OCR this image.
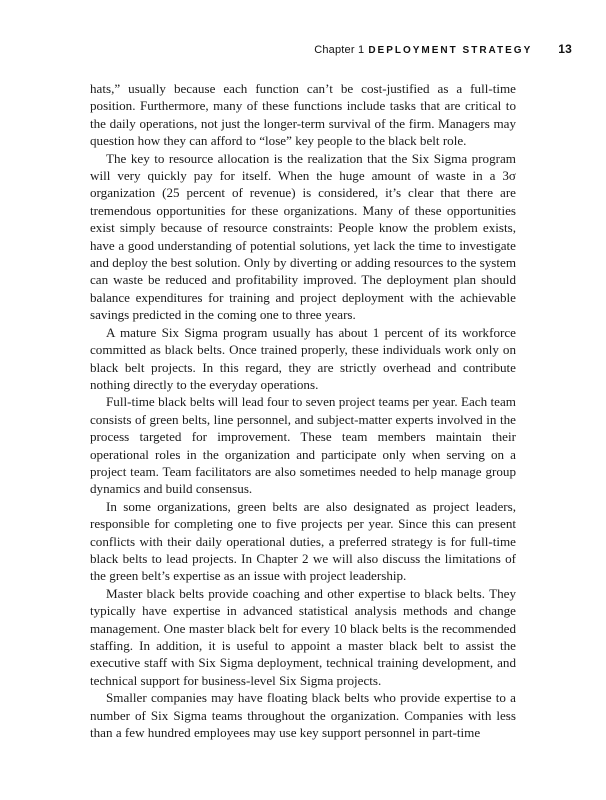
Chapter 1 DEPLOYMENT STRATEGY 13

hats,” usually because each function can’t be cost-justified as a full-time position. Furthermore, many of these functions include tasks that are critical to the daily operations, not just the longer-term survival of the firm. Managers may question how they can afford to “lose” key people to the black belt role.

The key to resource allocation is the realization that the Six Sigma program will very quickly pay for itself. When the huge amount of waste in a 3σ organization (25 percent of revenue) is considered, it’s clear that there are tremendous opportunities for these organizations. Many of these opportunities exist simply because of resource constraints: People know the problem exists, have a good understanding of potential solutions, yet lack the time to investigate and deploy the best solution. Only by diverting or adding resources to the system can waste be reduced and profitability improved. The deployment plan should balance expenditures for training and project deployment with the achievable savings predicted in the coming one to three years.

A mature Six Sigma program usually has about 1 percent of its workforce committed as black belts. Once trained properly, these individuals work only on black belt projects. In this regard, they are strictly overhead and contribute nothing directly to the everyday operations.

Full-time black belts will lead four to seven project teams per year. Each team consists of green belts, line personnel, and subject-matter experts involved in the process targeted for improvement. These team members maintain their operational roles in the organization and participate only when serving on a project team. Team facilitators are also sometimes needed to help manage group dynamics and build consensus.

In some organizations, green belts are also designated as project leaders, responsible for completing one to five projects per year. Since this can present conflicts with their daily operational duties, a preferred strategy is for full-time black belts to lead projects. In Chapter 2 we will also discuss the limitations of the green belt’s expertise as an issue with project leadership.

Master black belts provide coaching and other expertise to black belts. They typically have expertise in advanced statistical analysis methods and change management. One master black belt for every 10 black belts is the recommended staffing. In addition, it is useful to appoint a master black belt to assist the executive staff with Six Sigma deployment, technical training development, and technical support for business-level Six Sigma projects.

Smaller companies may have floating black belts who provide expertise to a number of Six Sigma teams throughout the organization. Companies with less than a few hundred employees may use key support personnel in part-time
